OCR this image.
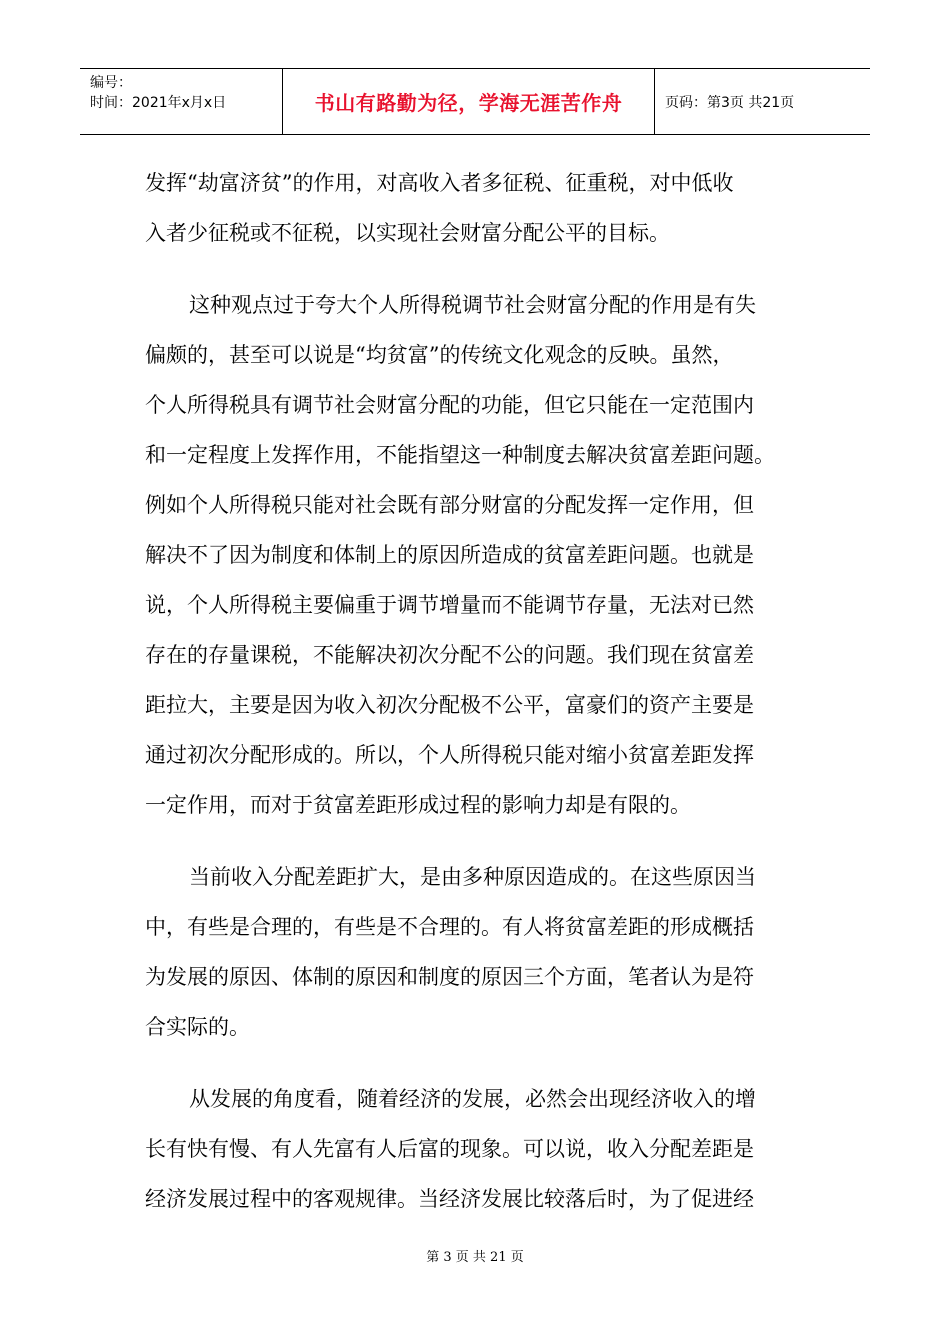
编号：
时间：2021年x月x日	书山有路勤为径，学海无涯苦作舟	页码：第3页 共21页

发挥“劫富济贫”的作用，对高收入者多征税、征重税，对中低收

入者少征税或不征税，以实现社会财富分配公平的目标。

这种观点过于夸大个人所得税调节社会财富分配的作用是有失

偏颇的，甚至可以说是“均贫富”的传统文化观念的反映。虽然，

个人所得税具有调节社会财富分配的功能，但它只能在一定范围内

和一定程度上发挥作用，不能指望这一种制度去解决贫富差距问题。

例如个人所得税只能对社会既有部分财富的分配发挥一定作用，但

解决不了因为制度和体制上的原因所造成的贫富差距问题。也就是

说，个人所得税主要偏重于调节增量而不能调节存量，无法对已然

存在的存量课税，不能解决初次分配不公的问题。我们现在贫富差

距拉大，主要是因为收入初次分配极不公平，富豪们的资产主要是

通过初次分配形成的。所以，个人所得税只能对缩小贫富差距发挥

一定作用，而对于贫富差距形成过程的影响力却是有限的。

当前收入分配差距扩大，是由多种原因造成的。在这些原因当

中，有些是合理的，有些是不合理的。有人将贫富差距的形成概括

为发展的原因、体制的原因和制度的原因三个方面，笔者认为是符

合实际的。

从发展的角度看，随着经济的发展，必然会出现经济收入的增

长有快有慢、有人先富有人后富的现象。可以说，收入分配差距是

经济发展过程中的客观规律。当经济发展比较落后时，为了促进经

第 3 页 共 21 页
